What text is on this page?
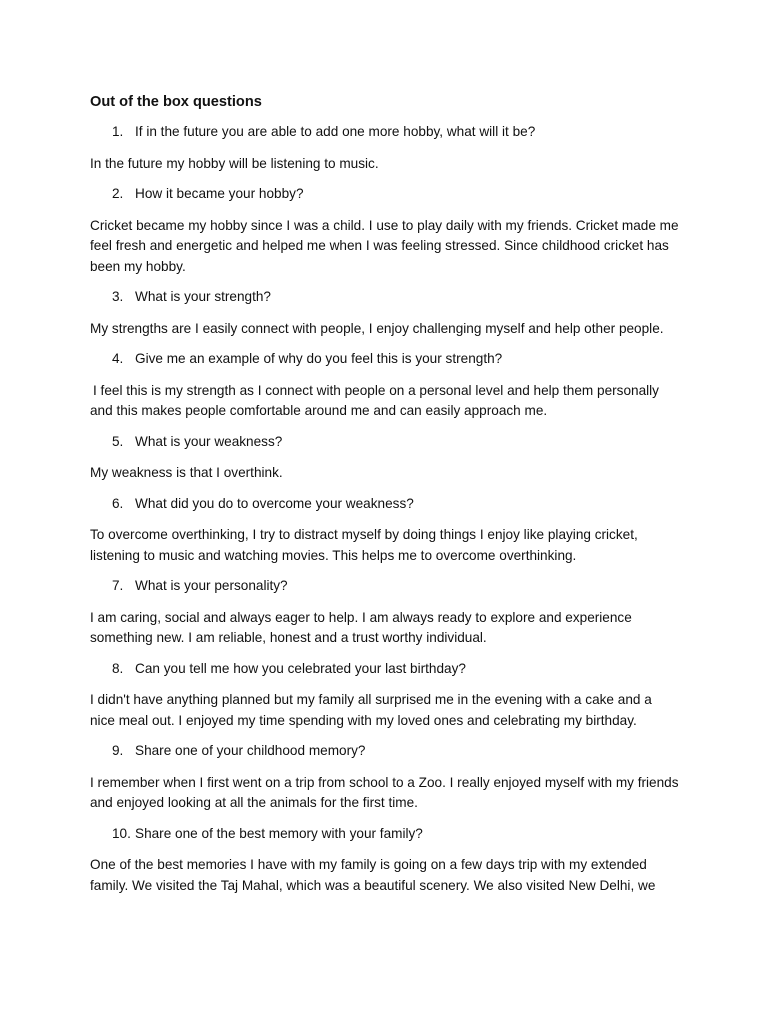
Out of the box questions
1. If in the future you are able to add one more hobby, what will it be?
In the future my hobby will be listening to music.
2. How it became your hobby?
Cricket became my hobby since I was a child. I use to play daily with my friends. Cricket made me feel fresh and energetic and helped me when I was feeling stressed. Since childhood cricket has been my hobby.
3. What is your strength?
My strengths are I easily connect with people, I enjoy challenging myself and help other people.
4. Give me an example of why do you feel this is your strength?
I feel this is my strength as I connect with people on a personal level and help them personally and this makes people comfortable around me and can easily approach me.
5. What is your weakness?
My weakness is that I overthink.
6. What did you do to overcome your weakness?
To overcome overthinking, I try to distract myself by doing things I enjoy like playing cricket, listening to music and watching movies. This helps me to overcome overthinking.
7. What is your personality?
I am caring, social and always eager to help. I am always ready to explore and experience something new. I am reliable, honest and a trust worthy individual.
8. Can you tell me how you celebrated your last birthday?
I didn't have anything planned but my family all surprised me in the evening with a cake and a nice meal out. I enjoyed my time spending with my loved ones and celebrating my birthday.
9. Share one of your childhood memory?
I remember when I first went on a trip from school to a Zoo. I really enjoyed myself with my friends and enjoyed looking at all the animals for the first time.
10. Share one of the best memory with your family?
One of the best memories I have with my family is going on a few days trip with my extended family. We visited the Taj Mahal, which was a beautiful scenery. We also visited New Delhi, we
